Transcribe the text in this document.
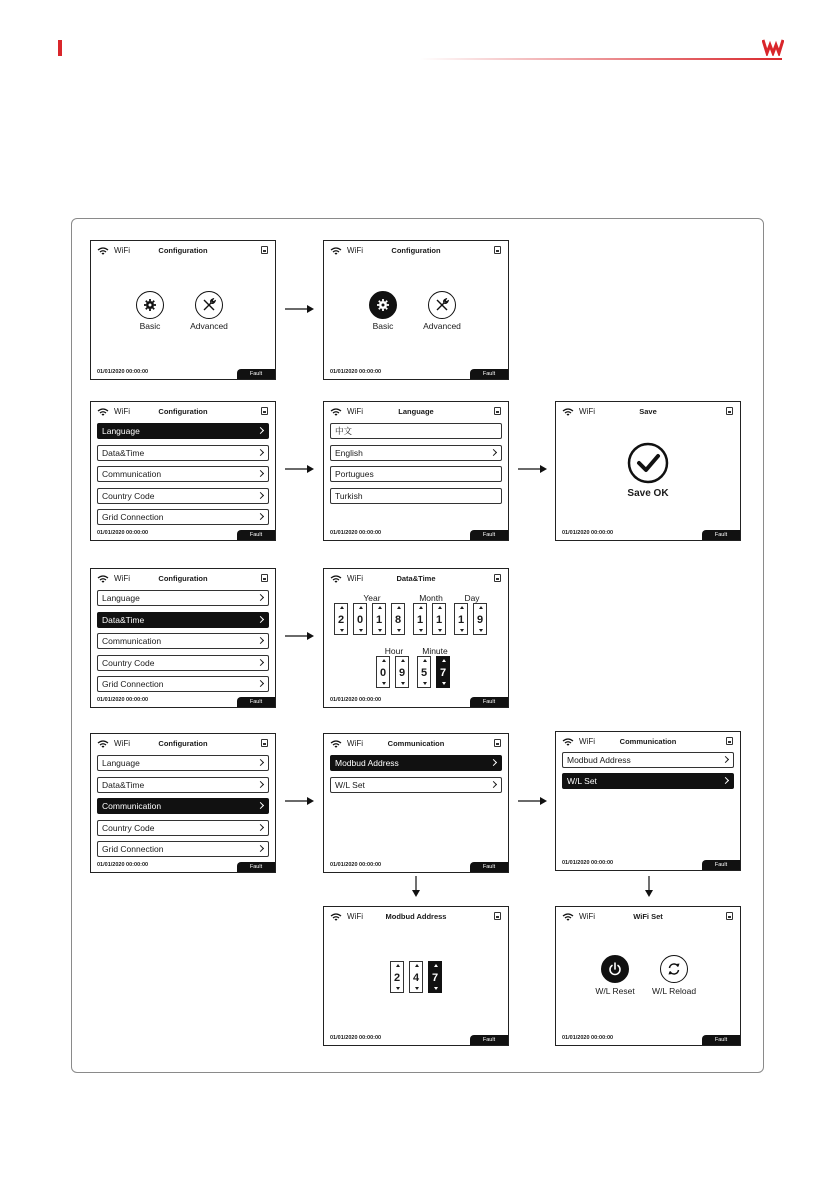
WiFi	Configuration
Basic	Advanced
01/01/2020 00:00:00	Fault
WiFi	Configuration
Basic	Advanced
01/01/2020 00:00:00	Fault
WiFi	Configuration
Language
Data&Time
Communication
Country Code
Grid Connection
01/01/2020 00:00:00	Fault
WiFi	Language
中文
English
Portugues
Turkish
01/01/2020 00:00:00	Fault
WiFi	Save
Save OK
01/01/2020 00:00:00	Fault
WiFi	Configuration
Language
Data&Time
Communication
Country Code
Grid Connection
01/01/2020 00:00:00	Fault
WiFi	Data&Time
Year	Month	Day
2	0	1	8	1	1	1	9
Hour	Minute
0	9	5	7
01/01/2020 00:00:00	Fault
WiFi	Configuration
Language
Data&Time
Communication
Country Code
Grid Connection
01/01/2020 00:00:00	Fault
WiFi	Communication
Modbud Address
W/L Set
01/01/2020 00:00:00	Fault
WiFi	Communication
Modbud Address
W/L Set
01/01/2020 00:00:00	Fault
WiFi	Modbud Address
2	4	7
01/01/2020 00:00:00	Fault
WiFi	WiFi Set
W/L Reset	W/L Reload
01/01/2020 00:00:00	Fault
